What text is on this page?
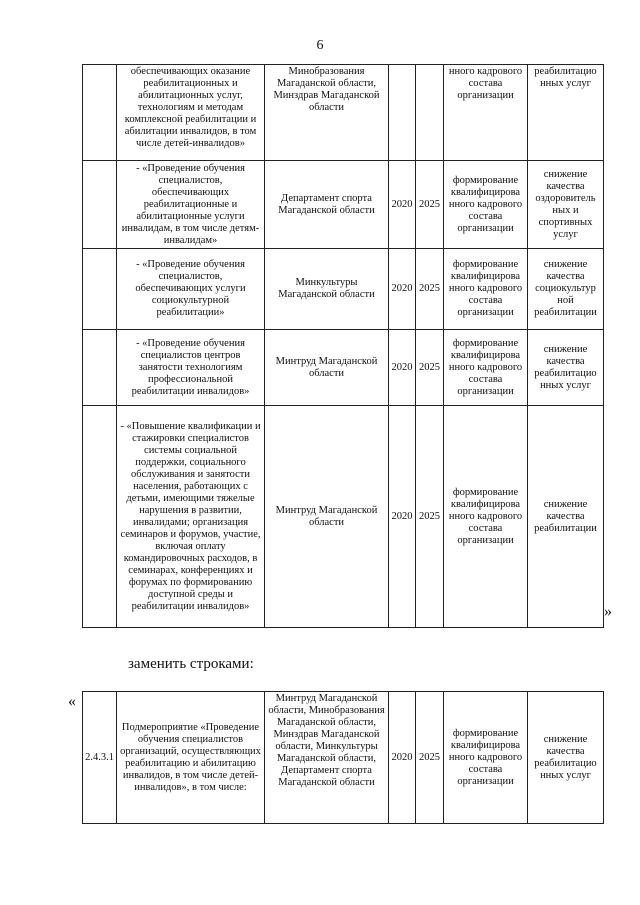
6
	обеспечивающих оказание реабилитационных и абилитационных услуг, технологиям и методам комплексной реабилитации и абилитации инвалидов, в том числе детей-инвалидов»	Минобразования Магаданской области, Минздрав Магаданской области			нного кадрового состава организации	реабилитацио нных услуг
	- «Проведение обучения специалистов, обеспечивающих реабилитационные и абилитационные услуги инвалидам, в том числе детям-инвалидам»	Департамент спорта Магаданской области	2020	2025	формирование квалифицирова нного кадрового состава организации	снижение качества оздоровитель ных и спортивных услуг
	- «Проведение обучения специалистов, обеспечивающих услуги социокультурной реабилитации»	Минкультуры Магаданской области	2020	2025	формирование квалифицирова нного кадрового состава организации	снижение качества социокультур ной реабилитации
	- «Проведение обучения специалистов центров занятости технологиям профессиональной реабилитации инвалидов»	Минтруд Магаданской области	2020	2025	формирование квалифицирова нного кадрового состава организации	снижение качества реабилитацио нных услуг
	- «Повышение квалификации и стажировки специалистов системы социальной поддержки, социального обслуживания и занятости населения, работающих с детьми, имеющими тяжелые нарушения в развитии, инвалидами; организация семинаров и форумов, участие, включая оплату командировочных расходов, в семинарах, конференциях и форумах по формированию доступной среды и реабилитации инвалидов»	Минтруд Магаданской области	2020	2025	формирование квалифицирова нного кадрового состава организации	снижение качества реабилитации
»
заменить строками:
«
2.4.3.1	Подмероприятие «Проведение обучения специалистов организаций, осуществляющих реабилитацию и абилитацию инвалидов, в том числе детей-инвалидов», в том числе:	Минтруд Магаданской области, Минобразования Магаданской области, Минздрав Магаданской области, Минкультуры Магаданской области, Департамент спорта Магаданской области	2020	2025	формирование квалифицирова нного кадрового состава организации	снижение качества реабилитацио нных услуг
